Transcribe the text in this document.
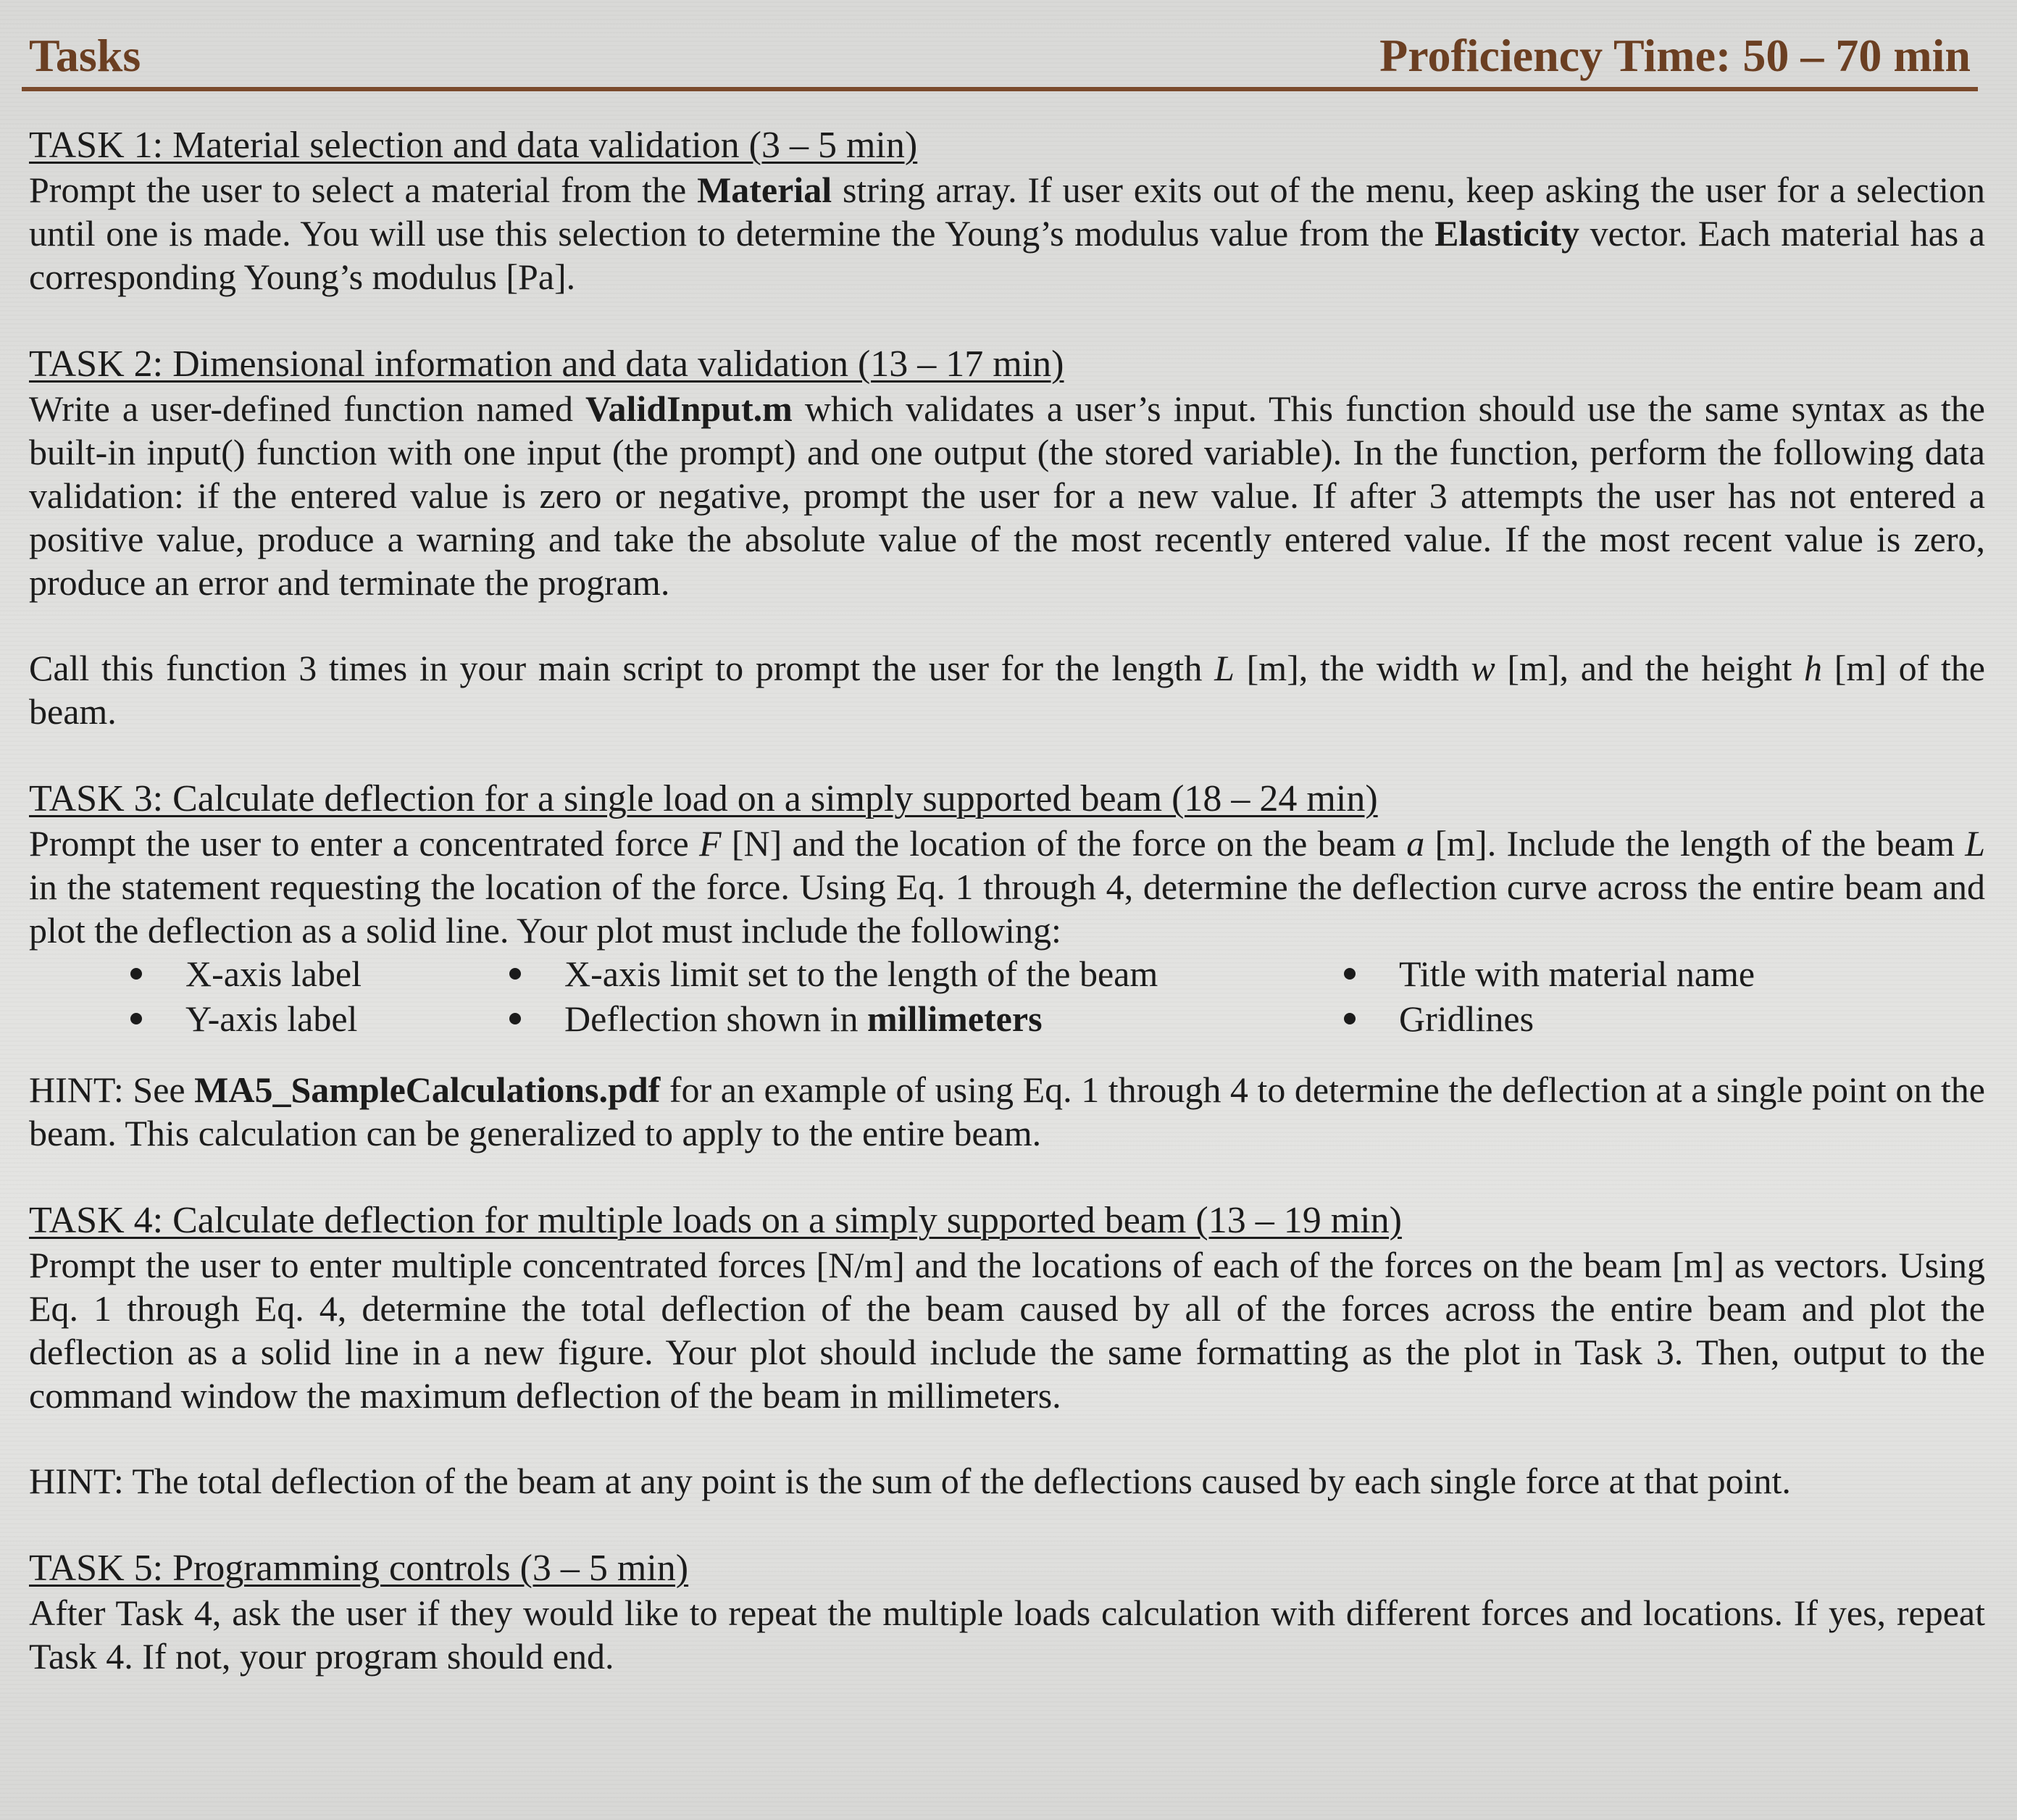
Tasks	Proficiency Time: 50 – 70 min
TASK 1: Material selection and data validation (3 – 5 min)
Prompt the user to select a material from the Material string array. If user exits out of the menu, keep asking the user for a selection until one is made. You will use this selection to determine the Young’s modulus value from the Elasticity vector. Each material has a corresponding Young’s modulus [Pa].
TASK 2: Dimensional information and data validation (13 – 17 min)
Write a user-defined function named ValidInput.m which validates a user’s input. This function should use the same syntax as the built-in input() function with one input (the prompt) and one output (the stored variable). In the function, perform the following data validation: if the entered value is zero or negative, prompt the user for a new value. If after 3 attempts the user has not entered a positive value, produce a warning and take the absolute value of the most recently entered value. If the most recent value is zero, produce an error and terminate the program.
Call this function 3 times in your main script to prompt the user for the length L [m], the width w [m], and the height h [m] of the beam.
TASK 3: Calculate deflection for a single load on a simply supported beam (18 – 24 min)
Prompt the user to enter a concentrated force F [N] and the location of the force on the beam a [m]. Include the length of the beam L in the statement requesting the location of the force. Using Eq. 1 through 4, determine the deflection curve across the entire beam and plot the deflection as a solid line. Your plot must include the following:
X-axis label
Y-axis label
X-axis limit set to the length of the beam
Deflection shown in millimeters
Title with material name
Gridlines
HINT: See MA5_SampleCalculations.pdf for an example of using Eq. 1 through 4 to determine the deflection at a single point on the beam. This calculation can be generalized to apply to the entire beam.
TASK 4: Calculate deflection for multiple loads on a simply supported beam (13 – 19 min)
Prompt the user to enter multiple concentrated forces [N/m] and the locations of each of the forces on the beam [m] as vectors. Using Eq. 1 through Eq. 4, determine the total deflection of the beam caused by all of the forces across the entire beam and plot the deflection as a solid line in a new figure. Your plot should include the same formatting as the plot in Task 3. Then, output to the command window the maximum deflection of the beam in millimeters.
HINT: The total deflection of the beam at any point is the sum of the deflections caused by each single force at that point.
TASK 5: Programming controls (3 – 5 min)
After Task 4, ask the user if they would like to repeat the multiple loads calculation with different forces and locations. If yes, repeat Task 4. If not, your program should end.
